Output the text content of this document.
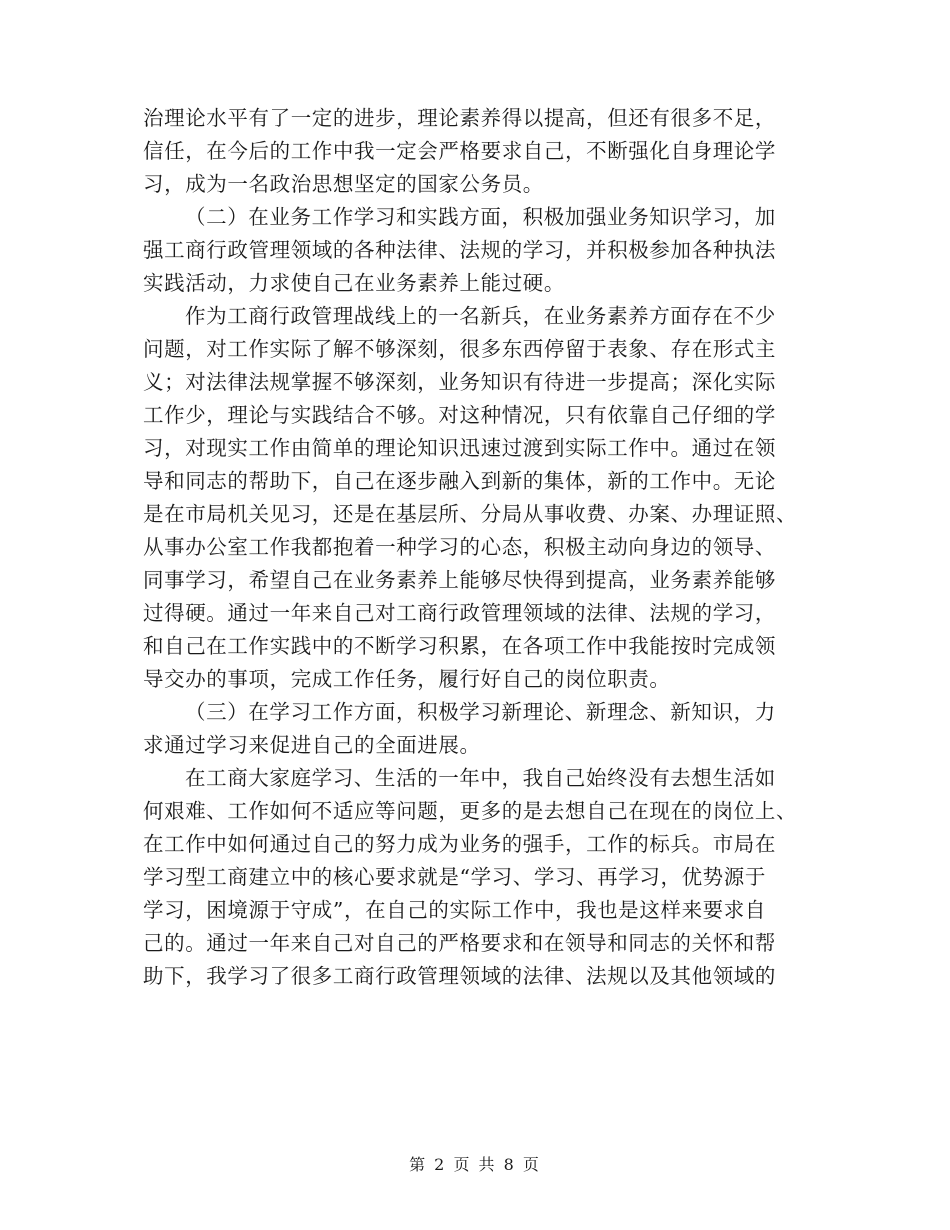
治理论水平有了一定的进步，理论素养得以提高，但还有很多不足，
信任，在今后的工作中我一定会严格要求自己，不断强化自身理论学
习，成为一名政治思想坚定的国家公务员。
（二）在业务工作学习和实践方面，积极加强业务知识学习，加
强工商行政管理领域的各种法律、法规的学习，并积极参加各种执法
实践活动，力求使自己在业务素养上能过硬。
作为工商行政管理战线上的一名新兵，在业务素养方面存在不少
问题，对工作实际了解不够深刻，很多东西停留于表象、存在形式主
义；对法律法规掌握不够深刻，业务知识有待进一步提高；深化实际
工作少，理论与实践结合不够。对这种情况，只有依靠自己仔细的学
习，对现实工作由简单的理论知识迅速过渡到实际工作中。通过在领
导和同志的帮助下，自己在逐步融入到新的集体，新的工作中。无论
是在市局机关见习，还是在基层所、分局从事收费、办案、办理证照、
从事办公室工作我都抱着一种学习的心态，积极主动向身边的领导、
同事学习，希望自己在业务素养上能够尽快得到提高，业务素养能够
过得硬。通过一年来自己对工商行政管理领域的法律、法规的学习，
和自己在工作实践中的不断学习积累，在各项工作中我能按时完成领
导交办的事项，完成工作任务，履行好自己的岗位职责。
（三）在学习工作方面，积极学习新理论、新理念、新知识，力
求通过学习来促进自己的全面进展。
在工商大家庭学习、生活的一年中，我自己始终没有去想生活如
何艰难、工作如何不适应等问题，更多的是去想自己在现在的岗位上、
在工作中如何通过自己的努力成为业务的强手，工作的标兵。市局在
学习型工商建立中的核心要求就是“学习、学习、再学习，优势源于
学习，困境源于守成”，在自己的实际工作中，我也是这样来要求自
己的。通过一年来自己对自己的严格要求和在领导和同志的关怀和帮
助下，我学习了很多工商行政管理领域的法律、法规以及其他领域的
第 2 页 共 8 页
